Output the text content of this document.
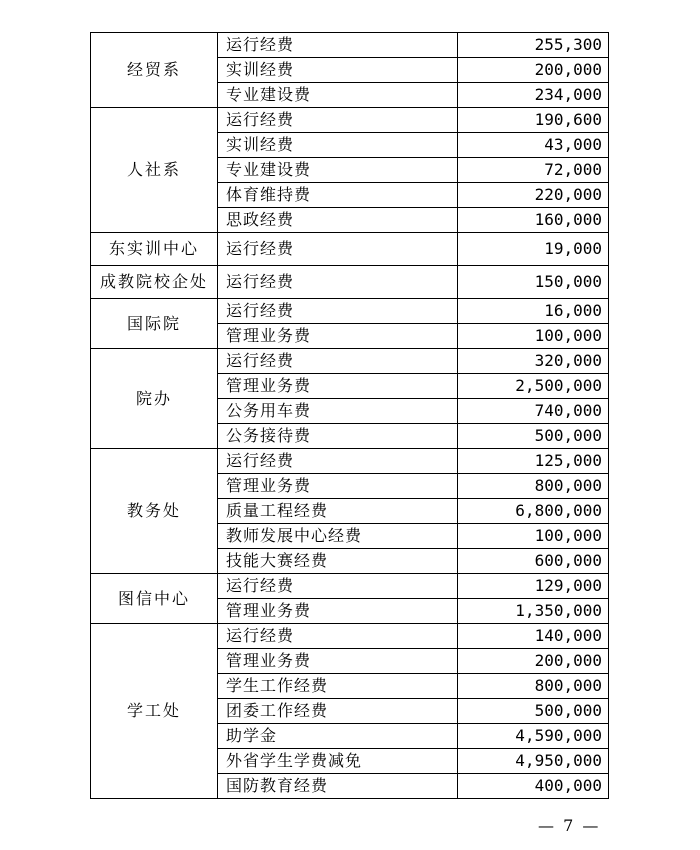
经贸系	运行经费	255,300
	实训经费	200,000
	专业建设费	234,000
人社系	运行经费	190,600
	实训经费	43,000
	专业建设费	72,000
	体育维持费	220,000
	思政经费	160,000
东实训中心	运行经费	19,000
成教院校企处	运行经费	150,000
国际院	运行经费	16,000
	管理业务费	100,000
院办	运行经费	320,000
	管理业务费	2,500,000
	公务用车费	740,000
	公务接待费	500,000
教务处	运行经费	125,000
	管理业务费	800,000
	质量工程经费	6,800,000
	教师发展中心经费	100,000
	技能大赛经费	600,000
图信中心	运行经费	129,000
	管理业务费	1,350,000
学工处	运行经费	140,000
	管理业务费	200,000
	学生工作经费	800,000
	团委工作经费	500,000
	助学金	4,590,000
	外省学生学费减免	4,950,000
	国防教育经费	400,000
— 7 —
